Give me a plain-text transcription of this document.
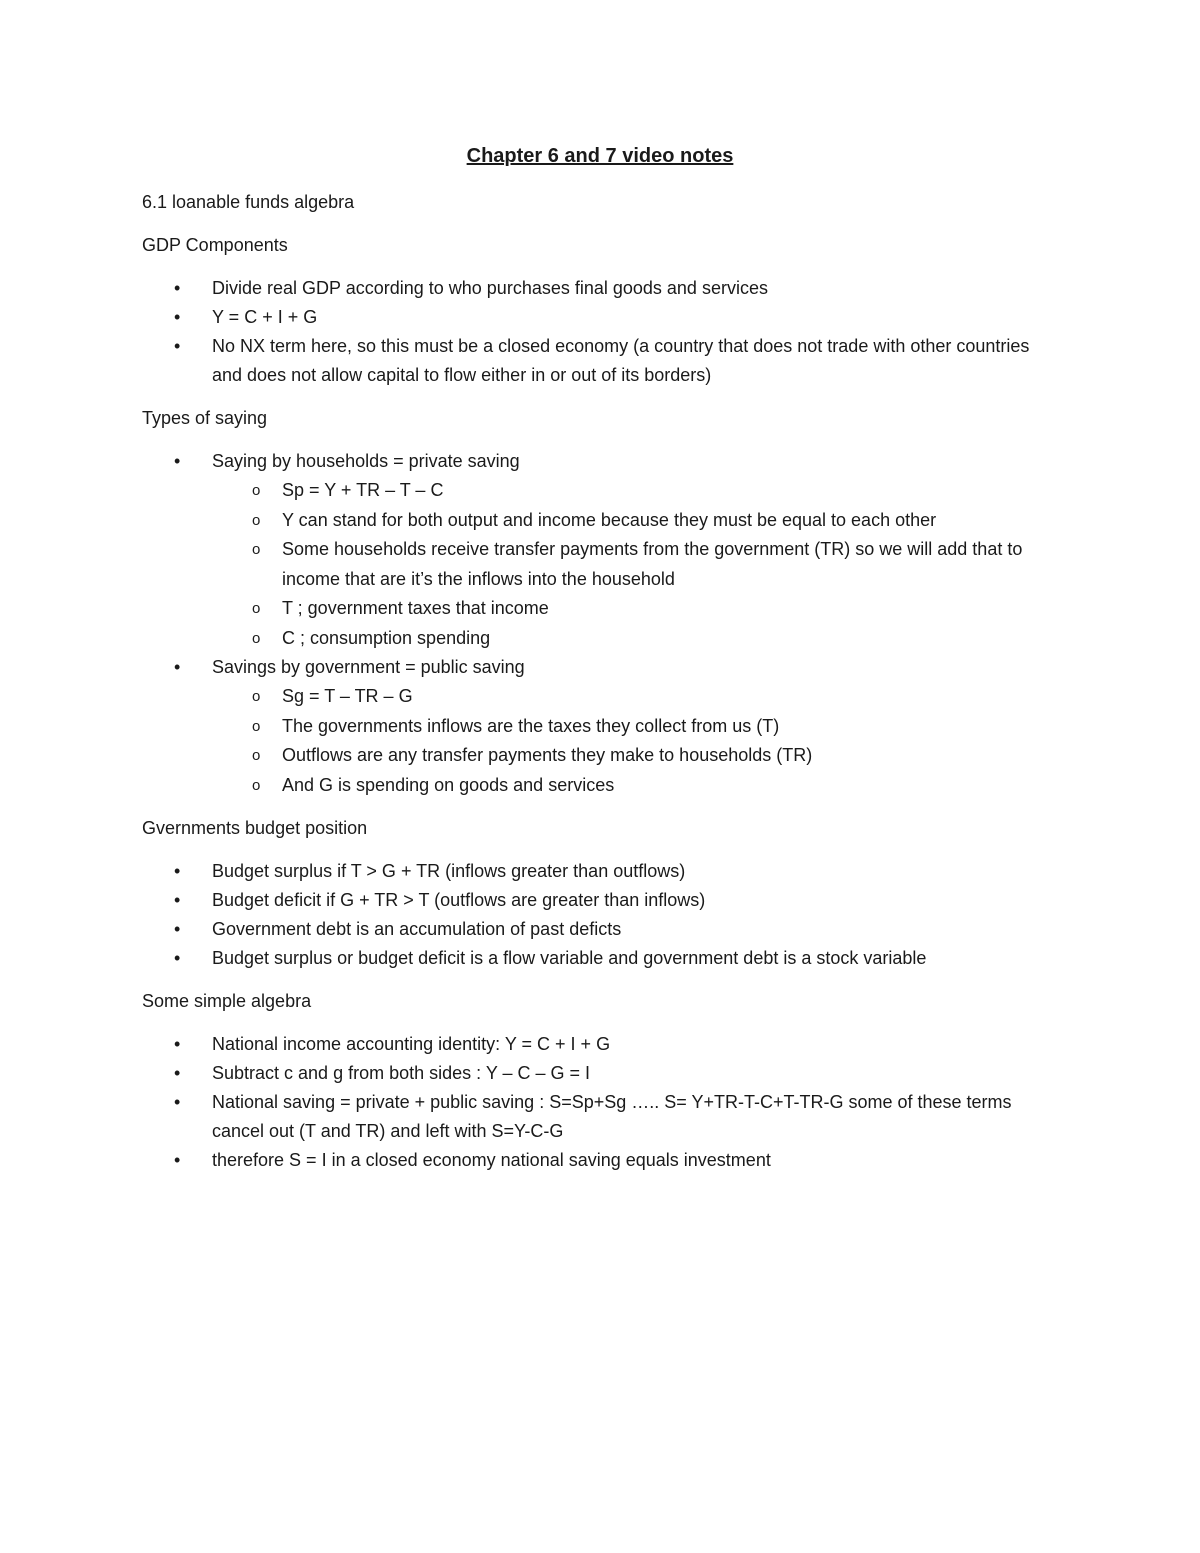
Chapter 6 and 7 video notes

6.1 loanable funds algebra

GDP Components

• Divide real GDP according to who purchases final goods and services
• Y = C + I + G
• No NX term here, so this must be a closed economy (a country that does not trade with other countries and does not allow capital to flow either in or out of its borders)

Types of saying

• Saying by households = private saving
o Sp = Y + TR – T – C
o Y can stand for both output and income because they must be equal to each other
o Some households receive transfer payments from the government (TR) so we will add that to income that are it’s the inflows into the household
o T ; government taxes that income
o C ; consumption spending
• Savings by government = public saving
o Sg = T – TR – G
o The governments inflows are the taxes they collect from us (T)
o Outflows are any transfer payments they make to households (TR)
o And G is spending on goods and services

Gvernments budget position

• Budget surplus if T > G + TR (inflows greater than outflows)
• Budget deficit if G + TR > T (outflows are greater than inflows)
• Government debt is an accumulation of past deficts
• Budget surplus or budget deficit is a flow variable and government debt is a stock variable

Some simple algebra

• National income accounting identity: Y = C + I + G
• Subtract c and g from both sides : Y – C – G = I
• National saving = private + public saving : S=Sp+Sg ….. S= Y+TR-T-C+T-TR-G some of these terms cancel out (T and TR) and left with S=Y-C-G
• therefore S = I in a closed economy national saving equals investment
